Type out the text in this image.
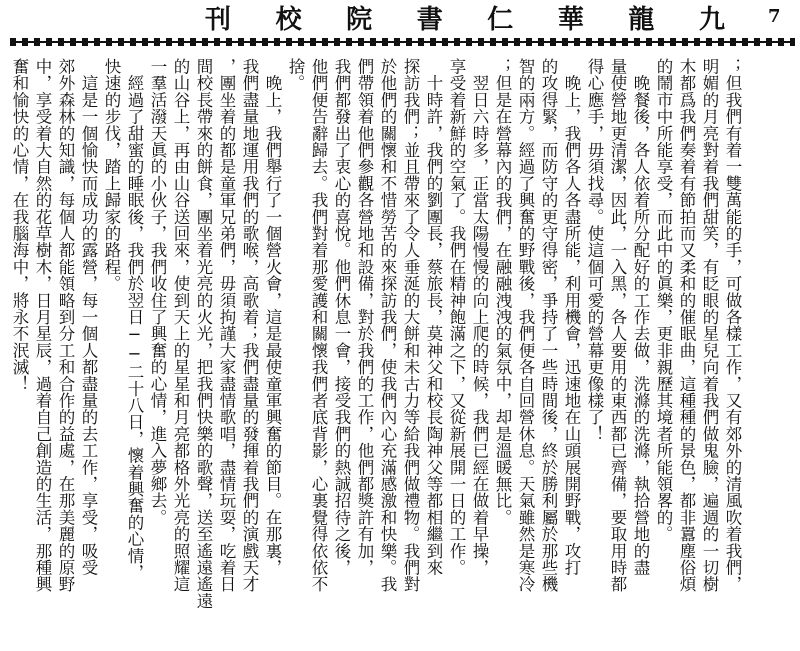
刊 校 院 書 仁 華 龍 九 7
；但我們有着一雙萬能的手，可做各樣工作，又有郊外的清風吹着我們，
明媚的月亮對着我們甜笑，有眨眼的星兒向着我們做鬼臉，遍週的一切樹
木都爲我們奏着有節拍而又柔和的催眠曲，這種種的景色，都非囂塵俗煩
的鬧市中所能享受，而此中的眞樂，更非親歷其境者所能領畧的。
　晚餐後，各人依着所分配好的工作去做，洗滌的洗滌，執拾營地的盡
量使營地更清潔，因此，一入黑，各人要用的東西都已齊備，要取用時都
得心應手，毋須找尋。使這個可愛的營幕更像樣了！
　晚上，我們各人各盡所能，利用機會，迅速地在山頭展開野戰，攻打
的攻得緊，而防守的更守得密，爭持了一些時間後，終於勝利屬於那些機
智的兩方。經過了興奮的野戰後，我們便各自回營休息。天氣雖然是寒冷
；但是在營幕內的我們，在融融洩洩的氣氛中，却是溫暖無比。
　翌日六時多，正當太陽慢慢的向上爬的時候，我們已經在做着早操，
享受着新鮮的空氣了。我們在精神飽滿之下，又從新展開一日的工作。
　十時許，我們的劉團長，蔡旅長，莫神父和校長陶神父等都相繼到來
探訪我們；並且帶來了令人垂涎的大餅和未古力等給我們做禮物。我們對
於他們的關懷和不惜勞苦的來探訪我們，使我們內心充滿感激和快樂。我
們帶領着他們參觀各營地和設備，對於我們的工作，他們都獎許有加，
我們都發出了衷心的喜悅。他們休息一會，接受我們的熱誠招待之後，
他們便告辭歸去。我們對着那愛護和關懷我們者底背影，心裏覺得依依不
捨。
　晚上，我們舉行了一個營火會，這是最使童軍興奮的節目。在那裏，
我們盡量地運用我們的歌喉，高歌着；我們盡量的發揮着我們的演戲天才
，團坐着的都是童軍兄弟們，毋須拘謹大家盡情歌唱，盡情玩耍，吃着日
間校長帶來的餅食，團坐着光亮的火光，把我們快樂的歌聲，送至遙遠遙遠
的山谷上，再由山谷送回來，使到天上的星星和月亮都格外光亮的照耀這
一羣活潑天眞的小伙子，我們收住了興奮的心情，進入夢鄉去。
　經過了甜蜜的睡眠後，我們於翌日──二十八日，懷着興奮的心情，
快速的步伐，踏上歸家的路程。
　這是一個愉快而成功的露營，每一個人都盡量的去工作，享受，吸受
郊外森林的知識，每個人都能領略到分工和合作的益處，在那美麗的原野
中，享受着大自然的花草樹木，日月星辰，過着自己創造的生活，那種興
奮和愉快的心情，在我腦海中，將永不泯滅！
